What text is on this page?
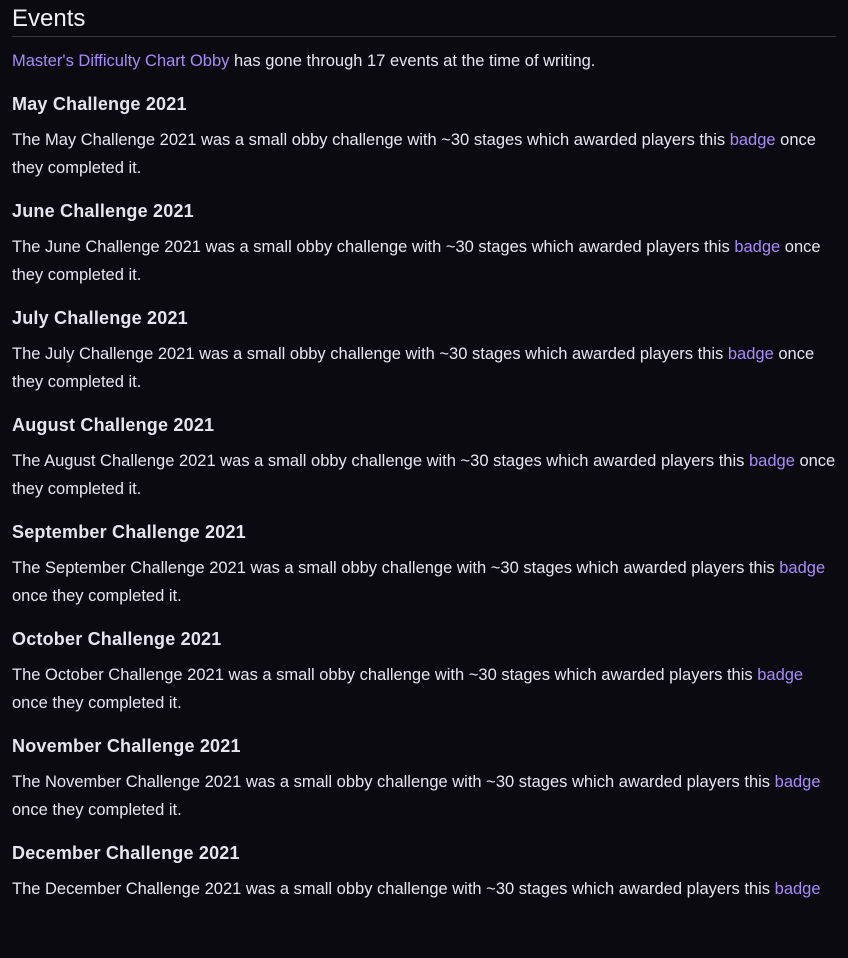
Events

Master's Difficulty Chart Obby has gone through 17 events at the time of writing.

May Challenge 2021

The May Challenge 2021 was a small obby challenge with ~30 stages which awarded players this badge once they completed it.

June Challenge 2021

The June Challenge 2021 was a small obby challenge with ~30 stages which awarded players this badge once they completed it.

July Challenge 2021

The July Challenge 2021 was a small obby challenge with ~30 stages which awarded players this badge once they completed it.

August Challenge 2021

The August Challenge 2021 was a small obby challenge with ~30 stages which awarded players this badge once they completed it.

September Challenge 2021

The September Challenge 2021 was a small obby challenge with ~30 stages which awarded players this badge once they completed it.

October Challenge 2021

The October Challenge 2021 was a small obby challenge with ~30 stages which awarded players this badge once they completed it.

November Challenge 2021

The November Challenge 2021 was a small obby challenge with ~30 stages which awarded players this badge once they completed it.

December Challenge 2021

The December Challenge 2021 was a small obby challenge with ~30 stages which awarded players this badge
